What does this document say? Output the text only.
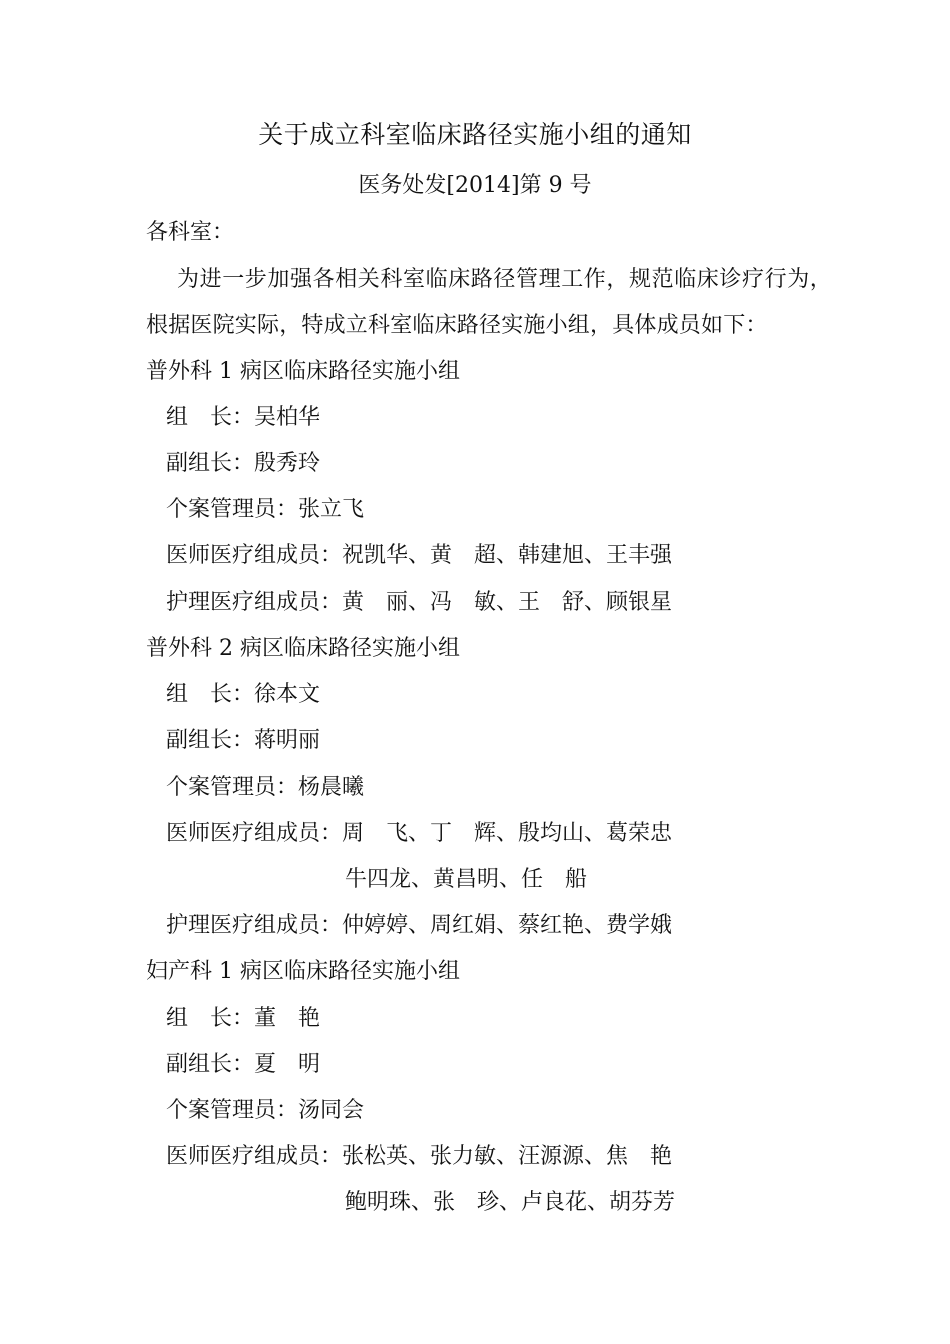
关于成立科室临床路径实施小组的通知
医务处发[2014]第 9 号
各科室：
为进一步加强各相关科室临床路径管理工作，规范临床诊疗行为，
根据医院实际，特成立科室临床路径实施小组，具体成员如下：
普外科 1 病区临床路径实施小组
组　长：吴柏华
副组长：殷秀玲
个案管理员：张立飞
医师医疗组成员：祝凯华、黄　超、韩建旭、王丰强
护理医疗组成员：黄　丽、冯　敏、王　舒、顾银星
普外科 2 病区临床路径实施小组
组　长：徐本文
副组长：蒋明丽
个案管理员：杨晨曦
医师医疗组成员：周　飞、丁　辉、殷均山、葛荣忠
牛四龙、黄昌明、任　船
护理医疗组成员：仲婷婷、周红娟、蔡红艳、费学娥
妇产科 1 病区临床路径实施小组
组　长：董　艳
副组长：夏　明
个案管理员：汤同会
医师医疗组成员：张松英、张力敏、汪源源、焦　艳
鲍明珠、张　珍、卢良花、胡芬芳
